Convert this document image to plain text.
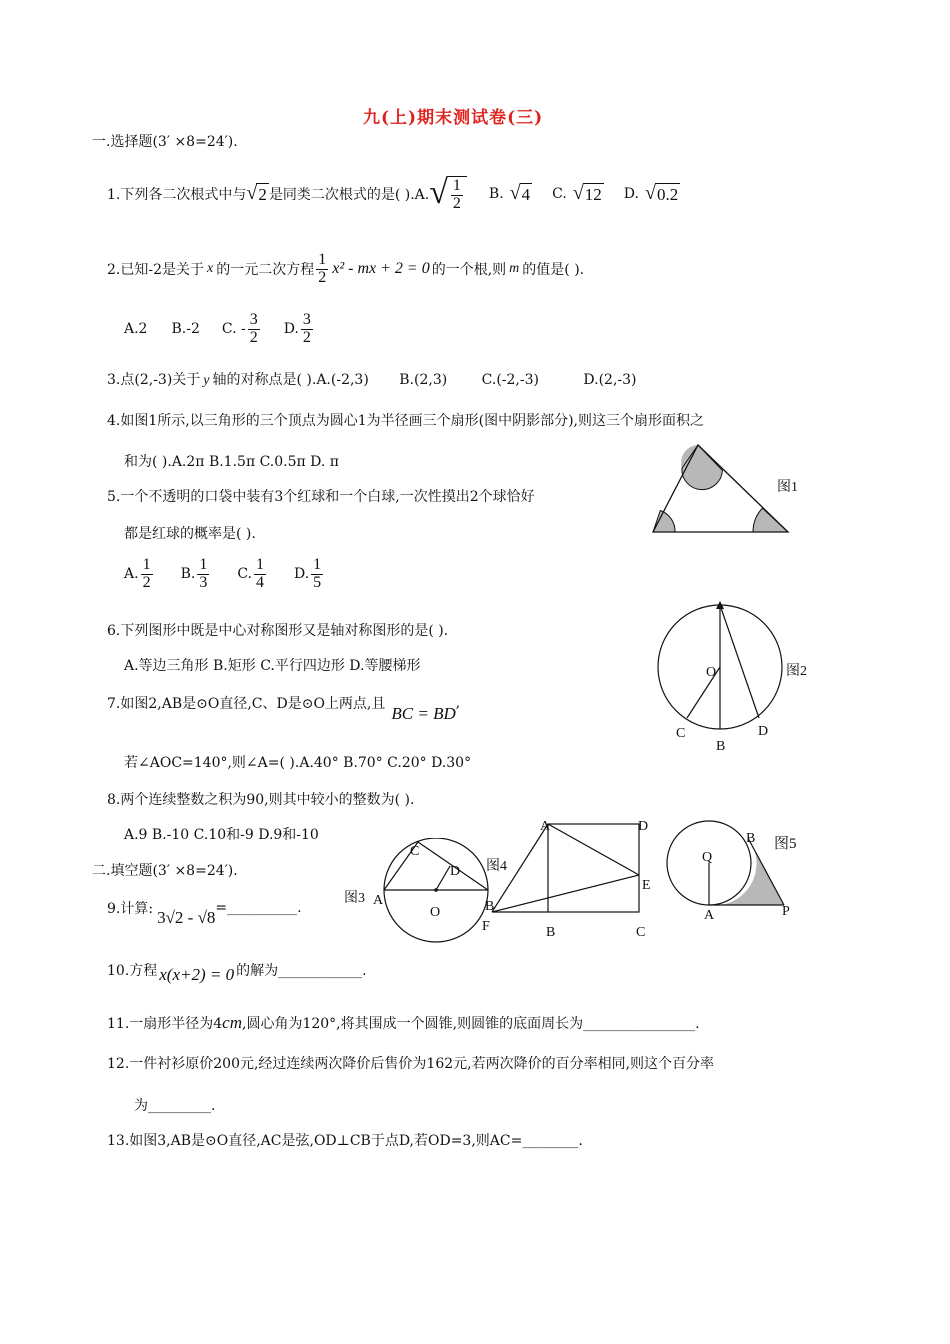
九(上)期末测试卷(三)
一.选择题(3′ ×8=24′).
1.下列各二次根式中与 √ 2 是同类二次根式的是( ).A. √ $\frac{1}{2} B$. √ 4 C. √ 12 D. √ 0.2
2.已知-2是关于 x 的一元二次方程 $\frac{1}{2} x^2$ - mx + 2 = 0 的一个根,则 m 的值是( ).
A.2 B.-2 C. - $\frac{3}{2} D$. $\frac{3}{2}$
3.点(2,-3)关于 y 轴的对称点是( ).A.(-2,3) B.(2,3) C.(-2,-3)	D.(2,-3)
4.如图1所示,以三角形的三个顶点为圆心1为半径画三个扇形(图中阴影部分),则这三个扇形面积之
和为( ).A.2π B.1.5π C.0.5π D. π
图1
5.一个不透明的口袋中装有3个红球和一个白球,一次性摸出2个球恰好
都是红球的概率是( ).
A. $\frac{1}{2} B$. $\frac{1}{3} C$. $\frac{1}{4} D$. $\frac{1}{5}$
6.下列图形中既是中心对称图形又是轴对称图形的是( ).
A.等边三角形 B.矩形 C.平行四边形 D.等腰梯形	O
C
B
D
图2
7.如图2,AB是⊙O直径,C、D是⊙O上两点,且 BC = BD
,
若∠AOC=140°,则∠A=( ).A.40° B.70° C.20° D.30°
8.两个连续整数之积为90,则其中较小的整数为( ).
A.9 B.-10 C.10和-9 D.9和-10
二.填空题(3′ ×8=24′).
图3 A
C
D
O	B
A	D
图4
E
F	B	C
Q
B 图5
A	P
9.计算: 3√2 - √8 =__________.
10.方程 x(x+2) = 0 的解为____________.
11.一扇形半径为4cm,圆心角为120°,将其围成一个圆锥,则圆锥的底面周长为________________.
12.一件衬衫原价200元,经过连续两次降价后售价为162元,若两次降价的百分率相同,则这个百分率
为_________.
13.如图3,AB是⊙O直径,AC是弦,OD⊥CB于点D,若OD=3,则AC=________.
